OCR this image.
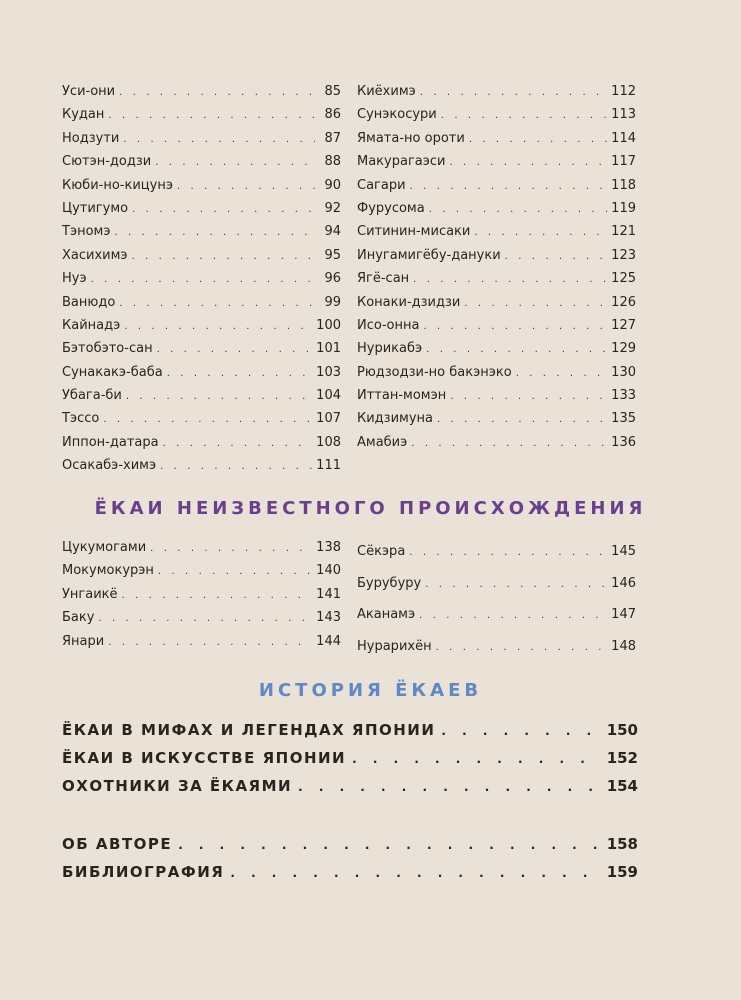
Уси-они . . .	85
Кудан . . .	86
Нодзути . . .	87
Сютэн-додзи . . .	88
Кюби-но-кицунэ . . .	90
Цутигумо . . .	92
Тэномэ . . .	94
Хасихимэ . . .	95
Нуэ . . .	96
Ванюдо . . .	99
Кайнадэ . . .	100
Бэтобэто-сан . . .	101
Сунакакэ-баба . . .	103
Убага-би . . .	104
Тэссо . . .	107
Иппон-датара . . .	108
Осакабэ-химэ . . .	111
Киёхимэ . . .	112
Сунэкосури . . .	113
Ямата-но ороти . . .	114
Макурагаэси . . .	117
Сагари . . .	118
Фурусома . . .	119
Ситинин-мисаки . . .	121
Инугамигёбу-дануки . . .	123
Ягё-сан . . .	125
Конаки-дзидзи . . .	126
Исо-онна . . .	127
Нурикабэ . . .	129
Рюдзодзи-но бакэнэко . . .	130
Иттан-момэн . . .	133
Кидзимуна . . .	135
Амабиэ . . .	136
ЁКАИ НЕИЗВЕСТНОГО ПРОИСХОЖДЕНИЯ
Цукумогами . . .	138
Мокумокурэн . . .	140
Унгаикё . . .	141
Баку . . .	143
Янари . . .	144
Сёкэра . . .	145
Бурубуру . . .	146
Аканамэ . . .	147
Нурарихён . . .	148
ИСТОРИЯ ЁКАЕВ
ЁКАИ В МИФАХ И ЛЕГЕНДАХ ЯПОНИИ . . .	150
ЁКАИ В ИСКУССТВЕ ЯПОНИИ . . .	152
ОХОТНИКИ ЗА ЁКАЯМИ . . .	154
ОБ АВТОРЕ . . .	158
БИБЛИОГРАФИЯ . . .	159
